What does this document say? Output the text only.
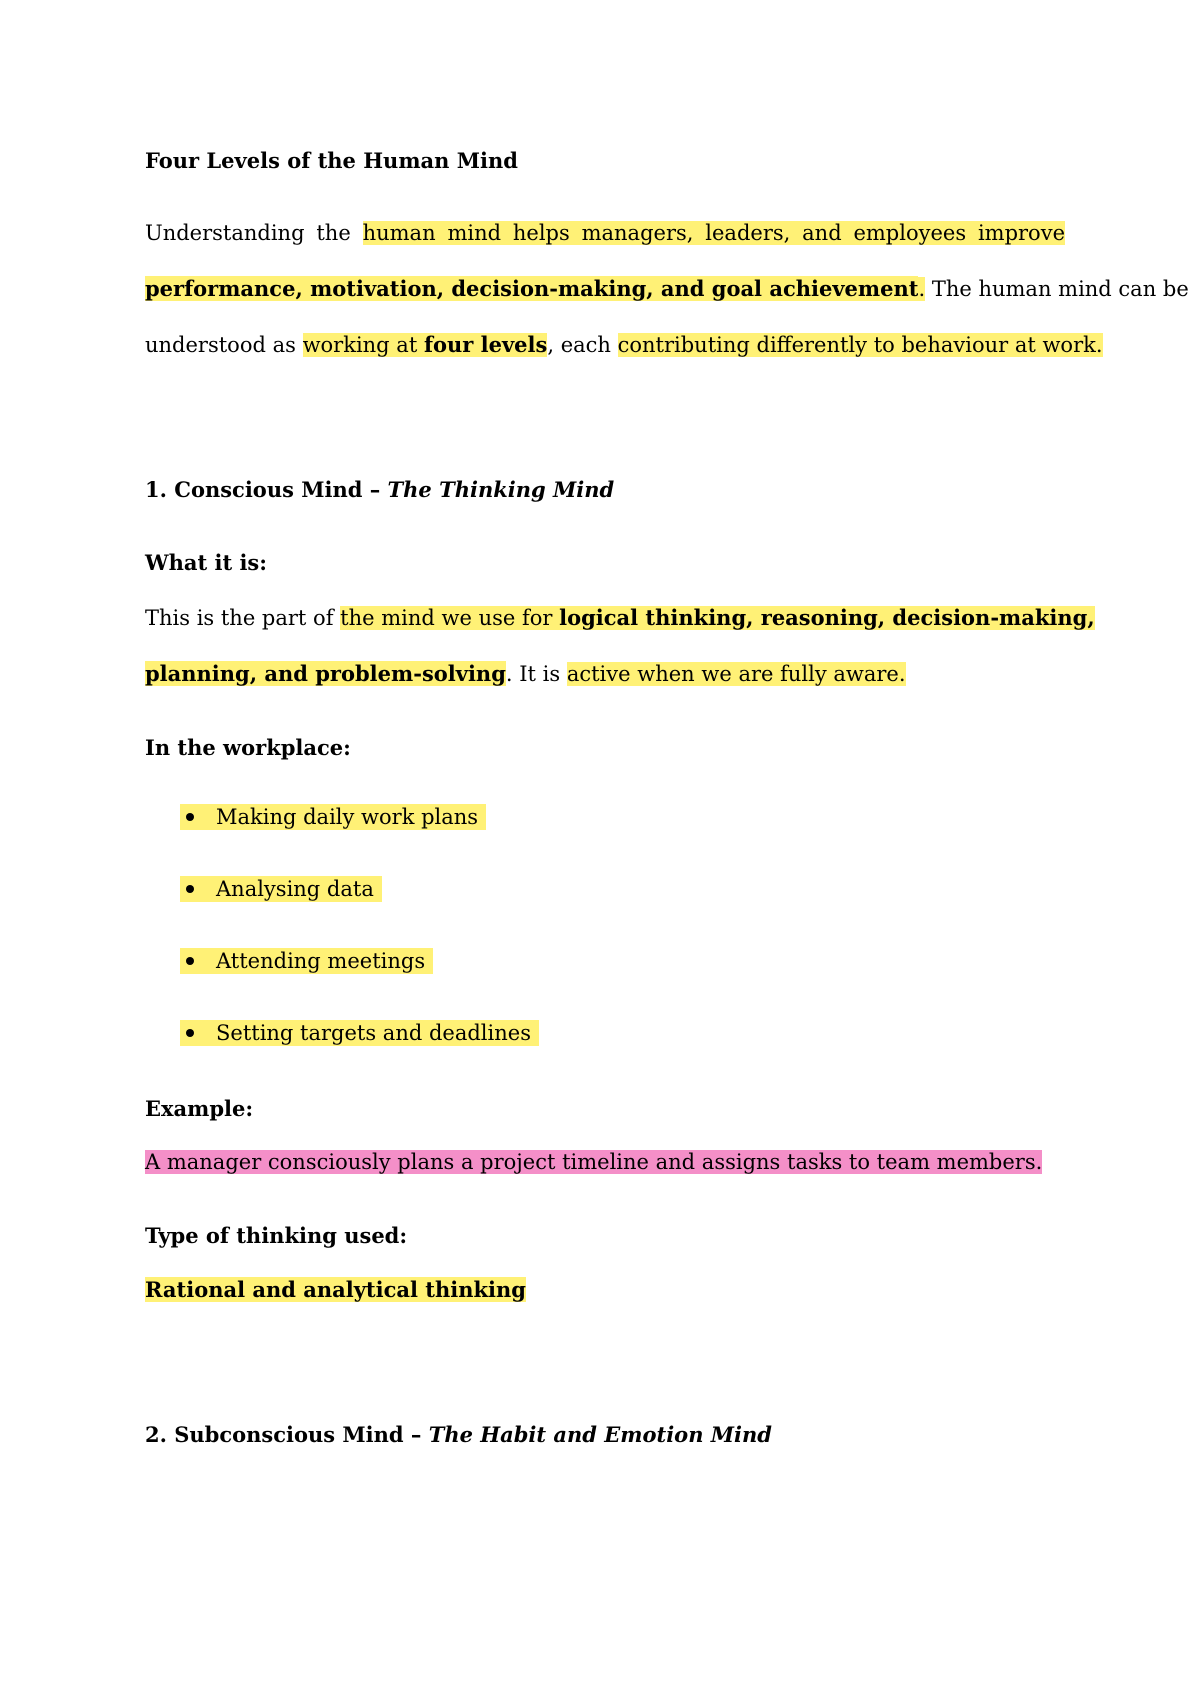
Four Levels of the Human Mind
Understanding the human mind helps managers, leaders, and employees improve
performance, motivation, decision-making, and goal achievement. The human mind can be
understood as working at four levels, each contributing differently to behaviour at work.
1. Conscious Mind – The Thinking Mind
What it is:
This is the part of the mind we use for logical thinking, reasoning, decision-making,
planning, and problem-solving. It is active when we are fully aware.
In the workplace:
Making daily work plans
Analysing data
Attending meetings
Setting targets and deadlines
Example:
A manager consciously plans a project timeline and assigns tasks to team members.
Type of thinking used:
Rational and analytical thinking
2. Subconscious Mind – The Habit and Emotion Mind
